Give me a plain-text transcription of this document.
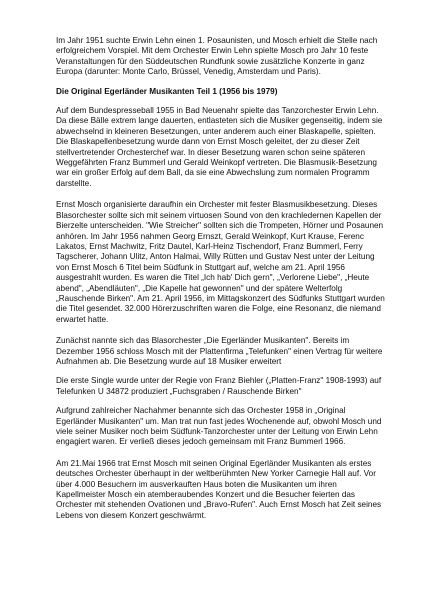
Im Jahr 1951 suchte Erwin Lehn einen 1. Posaunisten, und Mosch erhielt die Stelle nach erfolgreichem Vorspiel. Mit dem Orchester Erwin Lehn spielte Mosch pro Jahr 10 feste Veranstaltungen für den Süddeutschen Rundfunk sowie zusätzliche Konzerte in ganz Europa (darunter: Monte Carlo, Brüssel, Venedig, Amsterdam und Paris).

Die Original Egerländer Musikanten Teil 1 (1956 bis 1979)

Auf dem Bundespresseball 1955 in Bad Neuenahr spielte das Tanzorchester Erwin Lehn. Da diese Bälle extrem lange dauerten, entlasteten sich die Musiker gegenseitig, indem sie abwechselnd in kleineren Besetzungen, unter anderem auch einer Blaskapelle, spielten. Die Blaskapellenbesetzung wurde dann von Ernst Mosch geleitet, der zu dieser Zeit stellvertretender Orchesterchef war. In dieser Besetzung waren schon seine späteren Weggefährten Franz Bummerl und Gerald Weinkopf vertreten. Die Blasmusik-Besetzung war ein großer Erfolg auf dem Ball, da sie eine Abwechslung zum normalen Programm darstellte.

Ernst Mosch organisierte daraufhin ein Orchester mit fester Blasmusikbesetzung. Dieses Blasorchester sollte sich mit seinem virtuosen Sound von den krachledernen Kapellen der Bierzelte unterscheiden. "Wie Streicher" sollten sich die Trompeten, Hörner und Posaunen anhören. Im Jahr 1956 nahmen Georg Ernszt, Gerald Weinkopf, Kurt Krause, Ferenc Lakatos, Ernst Machwitz, Fritz Dautel, Karl-Heinz Tischendorf, Franz Bummerl, Ferry Tagscherer, Johann Ulitz, Anton Halmai, Willy Rütten und Gustav Nest unter der Leitung von Ernst Mosch 6 Titel beim Südfunk in Stuttgart auf, welche am 21. April 1956 ausgestrahlt wurden. Es waren die Titel „Ich hab' Dich gern", „Verlorene Liebe", „Heute abend", „Abendläuten", „Die Kapelle hat gewonnen" und der spätere Welterfolg „Rauschende Birken". Am 21. April 1956, im Mittagskonzert des Südfunks Stuttgart wurden die Titel gesendet. 32.000 Hörerzuschriften waren die Folge, eine Resonanz, die niemand erwartet hatte.

Zunächst nannte sich das Blasorchester „Die Egerländer Musikanten". Bereits im Dezember 1956 schloss Mosch mit der Plattenfirma „Telefunken" einen Vertrag für weitere Aufnahmen ab. Die Besetzung wurde auf 18 Musiker erweitert

Die erste Single wurde unter der Regie von Franz Biehler („Platten-Franz" 1908-1993) auf Telefunken U 34872 produziert „Fuchsgraben / Rauschende Birken"

Aufgrund zahlreicher Nachahmer benannte sich das Orchester 1958 in „Original Egerländer Musikanten" um. Man trat nun fast jedes Wochenende auf, obwohl Mosch und viele seiner Musiker noch beim Südfunk-Tanzorchester unter der Leitung von Erwin Lehn engagiert waren. Er verließ dieses jedoch gemeinsam mit Franz Bummerl 1966.

Am 21.Mai 1966 trat Ernst Mosch mit seinen Original Egerländer Musikanten als erstes deutsches Orchester überhaupt in der weltberühmten New Yorker Carnegie Hall auf. Vor über 4.000 Besuchern im ausverkauften Haus boten die Musikanten um ihren Kapellmeister Mosch ein atemberaubendes Konzert und die Besucher feierten das Orchester mit stehenden Ovationen und „Bravo-Rufen". Auch Ernst Mosch hat Zeit seines Lebens von diesem Konzert geschwärmt.
